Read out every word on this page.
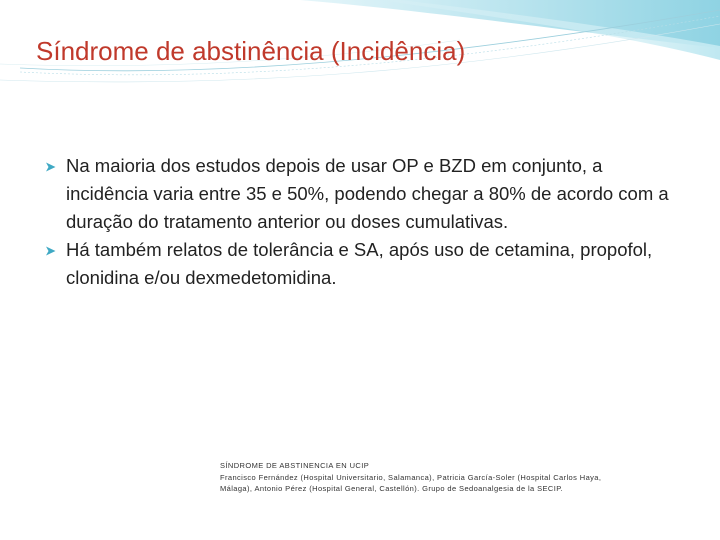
Síndrome de abstinência (Incidência)

Na maioria dos estudos depois de usar OP e BZD em conjunto, a incidência varia entre 35 e 50%, podendo chegar a 80% de acordo com a duração do tratamento anterior ou doses cumulativas.

Há também relatos de tolerância e SA, após uso de cetamina, propofol, clonidina e/ou dexmedetomidina.

SÍNDROME DE ABSTINENCIA EN UCIP
Francisco Fernández (Hospital Universitario, Salamanca), Patricia García-Soler (Hospital Carlos Haya,
Málaga), Antonio Pérez (Hospital General, Castellón). Grupo de Sedoanalgesia de la SECIP.
